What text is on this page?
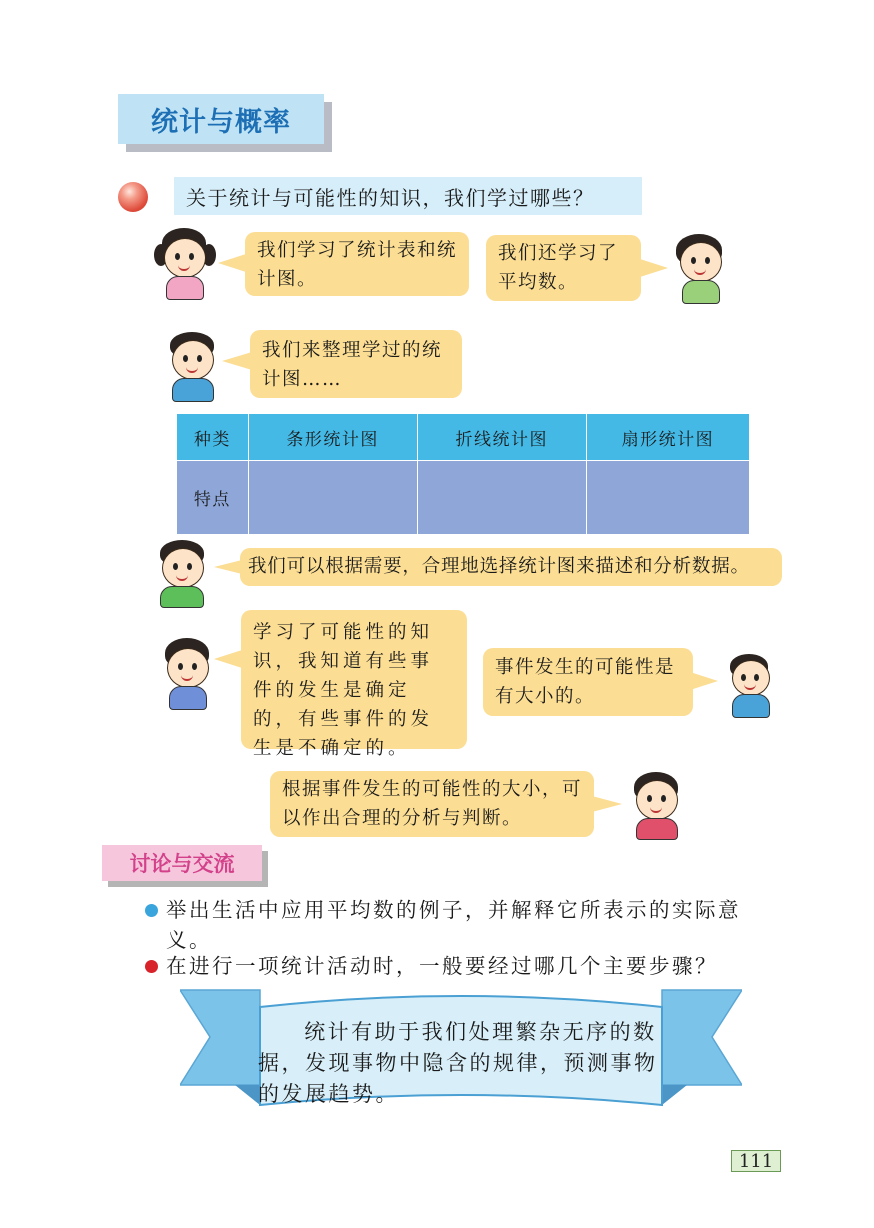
统计与概率
关于统计与可能性的知识，我们学过哪些？
我们学习了统计表和统计图。
我们还学习了平均数。
我们来整理学过的统计图……
种类	条形统计图	折线统计图	扇形统计图
特点			
我们可以根据需要，合理地选择统计图来描述和分析数据。
学习了可能性的知识，我知道有些事件的发生是确定的，有些事件的发生是不确定的。
事件发生的可能性是有大小的。
根据事件发生的可能性的大小，可以作出合理的分析与判断。
讨论与交流
举出生活中应用平均数的例子，并解释它所表示的实际意义。
在进行一项统计活动时，一般要经过哪几个主要步骤？
统计有助于我们处理繁杂无序的数据，发现事物中隐含的规律，预测事物的发展趋势。
111
